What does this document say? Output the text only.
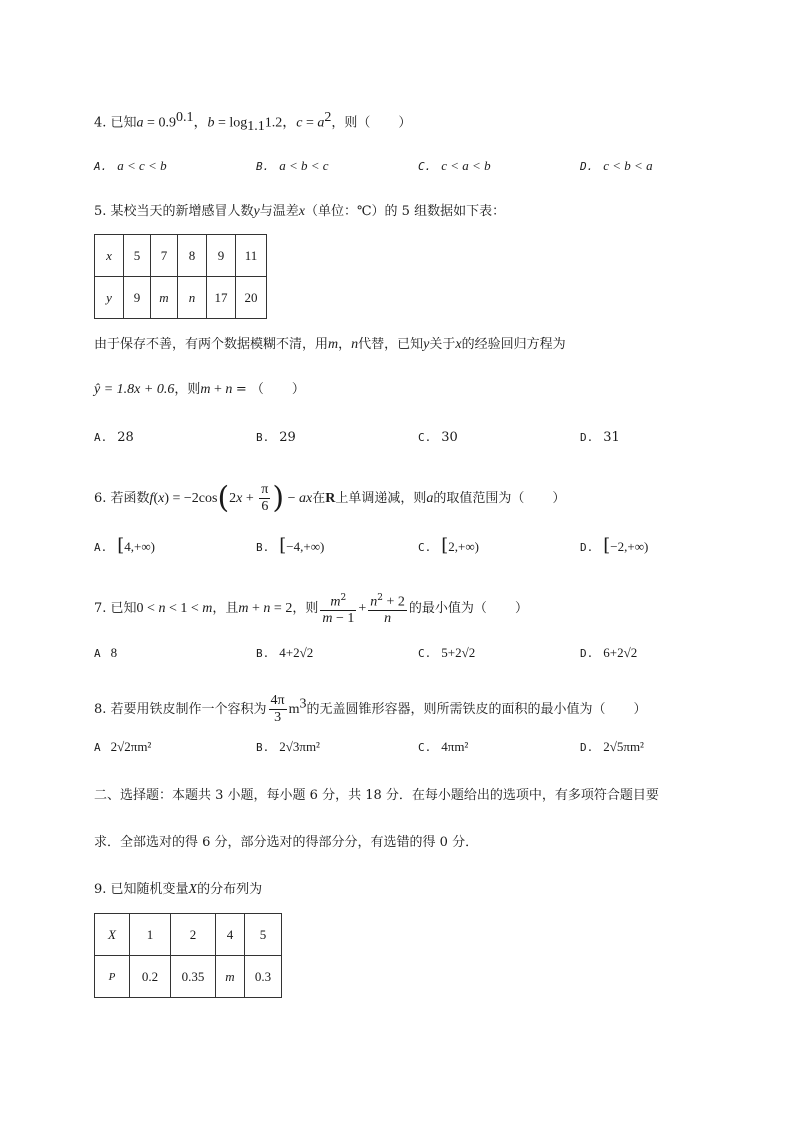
4. 已知$a = 0.9^{0.1}$，$b = \log_{1.1}1.2$，$c = a^2$，则（ ）
A. a < c < b	B. a < b < c	C. c < a < b	D. c < b < a
5. 某校当天的新增感冒人数y与温差x（单位：℃）的 5 组数据如下表：
x	5	7	8	9	11
y	9	m	n	17	20
由于保存不善，有两个数据模糊不清，用m，n代替，已知y关于x的经验回归方程为
ŷ = 1.8x + 0.6，则m + n = （ ）
A. 28	B. 29	C. 30	D. 31
6. 若函数$f(x) = -2\cos(2x + \frac{\pi}{6}$ ) − ax在R上单调递减，则a的取值范围为（ ）
A. [4,+∞)	B. [−4,+∞)	C. [2,+∞)	D. [−2,+∞)
7. 已知0 < n < 1 < m，且m + n = 2，则 $\frac{m^2}{m - 1} + \frac{n^2 + 2}{n}$ 的最小值为（ ）
A 8	B. 4+2√2	C. 5+2√2	D. 6+2√2
8. 若要用铁皮制作一个容积为 $\frac{4\pi}{3} m^3$的无盖圆锥形容器，则所需铁皮的面积的最小值为（ ）
A 2√2πm²	B. 2√3πm²	C. 4πm²	D. 2√5πm²
二、选择题：本题共 3 小题，每小题 6 分，共 18 分．在每小题给出的选项中，有多项符合题目要
求．全部选对的得 6 分，部分选对的得部分分，有选错的得 0 分．
9. 已知随机变量X的分布列为
X	1	2	4	5
P	0.2	0.35	m	0.3
